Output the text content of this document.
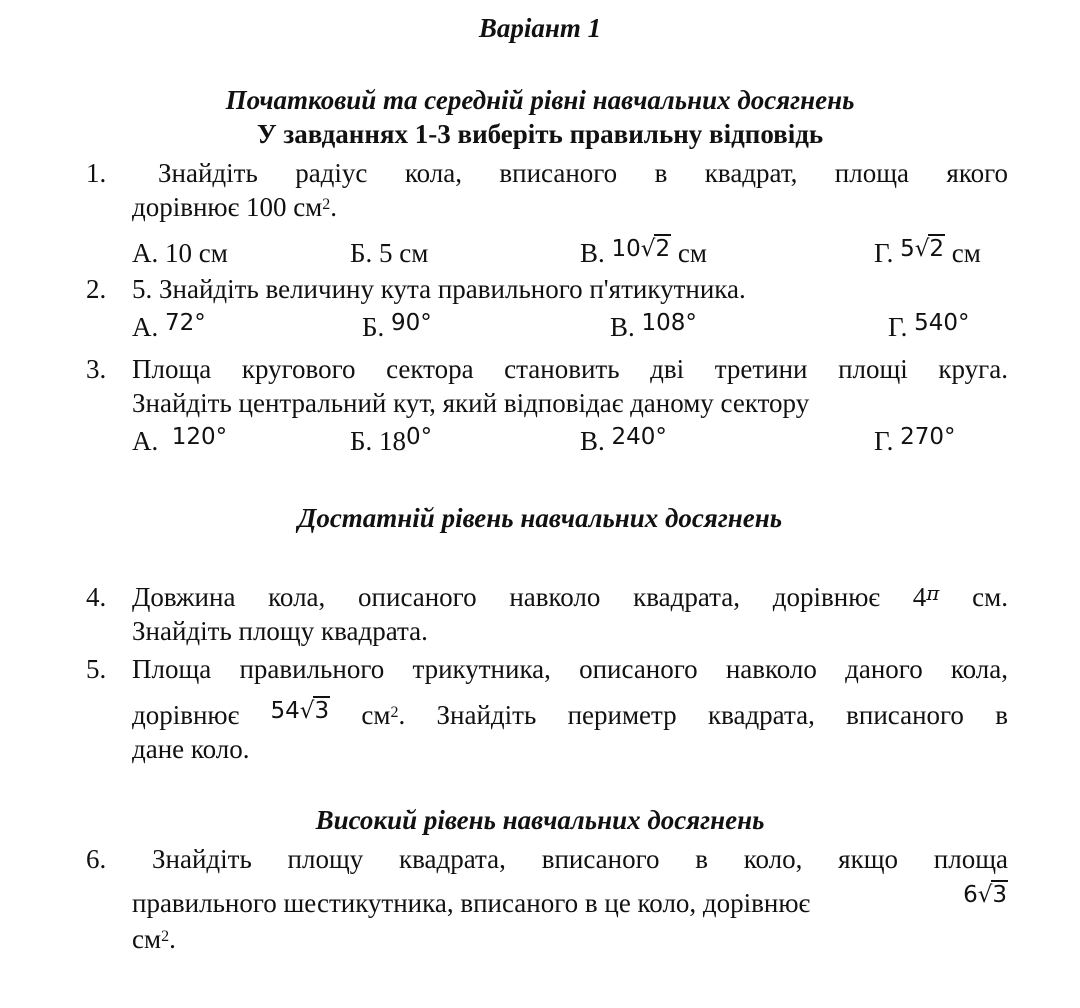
Варіант 1
Початковий та середній рівні навчальних досягнень
У завданнях 1-3 виберіть правильну відповідь
1.	Знайдіть радіус кола, вписаного в квадрат, площа якого
дорівнює 100 $см^2$.
А. 10 см	Б. 5 см	В. 10√2 см	Г. 5√2 см
2. 5. Знайдіть величину кута правильного п'ятикутника.
А. 72°	Б. 90°	В. 108°	Г. 540°
3. Площа кругового сектора становить дві третини площі круга.
Знайдіть центральний кут, який відповідає даному сектору
А. 120°	Б. 180°	В. 240°	Г. 270°
Достатній рівень навчальних досягнень
4. Довжина кола, описаного навколо квадрата, дорівнює $4^\pi$ см.
Знайдіть площу квадрата.
5. Площа правильного трикутника, описаного навколо даного кола,
дорівнює 54√3 $см^2$. Знайдіть периметр квадрата, вписаного в
дане коло.
Високий рівень навчальних досягнень
6.	Знайдіть площу квадрата, вписаного в коло, якщо площа
правильного шестикутника, вписаного в це коло, дорівнює	6√3
$см^2$.
